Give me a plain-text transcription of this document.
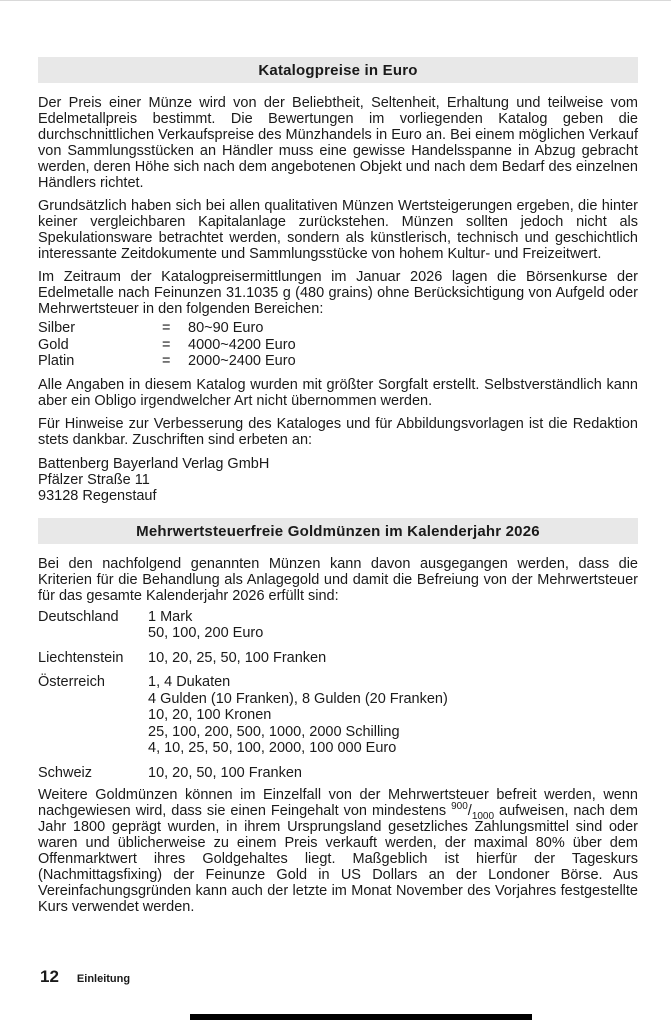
Katalogpreise in Euro

Der Preis einer Münze wird von der Beliebtheit, Seltenheit, Erhaltung und teilweise vom Edelmetallpreis bestimmt. Die Bewertungen im vorliegenden Katalog geben die durchschnittlichen Verkaufspreise des Münzhandels in Euro an. Bei einem möglichen Verkauf von Sammlungsstücken an Händler muss eine gewisse Handelsspanne in Abzug gebracht werden, deren Höhe sich nach dem angebotenen Objekt und nach dem Bedarf des einzelnen Händlers richtet.

Grundsätzlich haben sich bei allen qualitativen Münzen Wertsteigerungen ergeben, die hinter keiner vergleichbaren Kapitalanlage zurückstehen. Münzen sollten jedoch nicht als Spekulationsware betrachtet werden, sondern als künstlerisch, technisch und geschichtlich interessante Zeitdokumente und Sammlungsstücke von hohem Kultur- und Freizeitwert.

Im Zeitraum der Katalogpreisermittlungen im Januar 2026 lagen die Börsenkurse der Edelmetalle nach Feinunzen 31.1035 g (480 grains) ohne Berücksichtigung von Aufgeld oder Mehrwertsteuer in den folgenden Bereichen:

Silber	=	80~90 Euro
Gold	=	4000~4200 Euro
Platin	=	2000~2400 Euro

Alle Angaben in diesem Katalog wurden mit größter Sorgfalt erstellt. Selbstverständlich kann aber ein Obligo irgendwelcher Art nicht übernommen werden.

Für Hinweise zur Verbesserung des Kataloges und für Abbildungsvorlagen ist die Redaktion stets dankbar. Zuschriften sind erbeten an:

Battenberg Bayerland Verlag GmbH
Pfälzer Straße 11
93128 Regenstauf
Mehrwertsteuerfreie Goldmünzen im Kalenderjahr 2026

Bei den nachfolgend genannten Münzen kann davon ausgegangen werden, dass die Kriterien für die Behandlung als Anlagegold und damit die Befreiung von der Mehrwertsteuer für das gesamte Kalenderjahr 2026 erfüllt sind:

Deutschland	1 Mark
50, 100, 200 Euro
Liechtenstein	10, 20, 25, 50, 100 Franken
Österreich	1, 4 Dukaten
4 Gulden (10 Franken), 8 Gulden (20 Franken)
10, 20, 100 Kronen
25, 100, 200, 500, 1000, 2000 Schilling
4, 10, 25, 50, 100, 2000, 100 000 Euro
Schweiz	10, 20, 50, 100 Franken

Weitere Goldmünzen können im Einzelfall von der Mehrwertsteuer befreit werden, wenn nachgewiesen wird, dass sie einen Feingehalt von mindestens $^{900}/_{1000}$ aufweisen, nach dem Jahr 1800 geprägt wurden, in ihrem Ursprungsland gesetzliches Zahlungsmittel sind oder waren und üblicherweise zu einem Preis verkauft werden, der maximal 80% über dem Offenmarktwert ihres Goldgehaltes liegt. Maßgeblich ist hierfür der Tageskurs (Nachmittagsfixing) der Feinunze Gold in US Dollars an der Londoner Börse. Aus Vereinfachungsgründen kann auch der letzte im Monat November des Vorjahres festgestellte Kurs verwendet werden.

12 Einleitung
